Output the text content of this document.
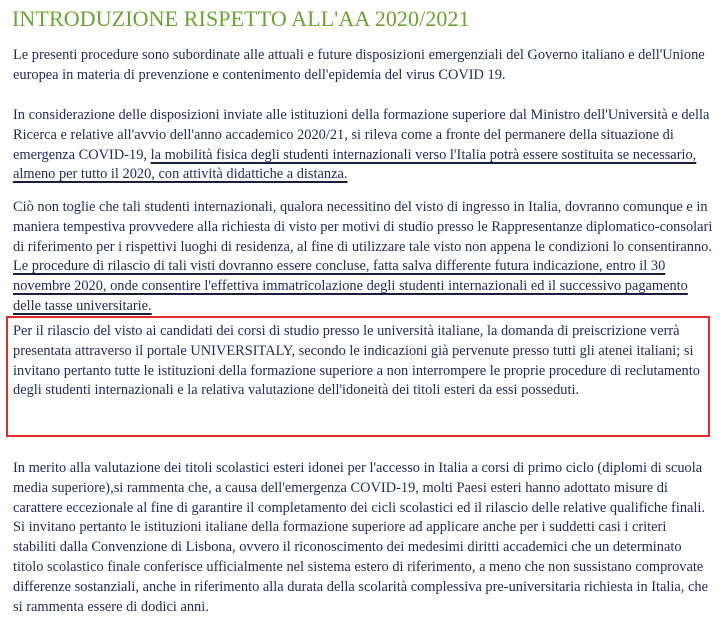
INTRODUZIONE RISPETTO ALL'AA 2020/2021

Le presenti procedure sono subordinate alle attuali e future disposizioni emergenziali del Governo italiano e dell'Unione europea in materia di prevenzione e contenimento dell'epidemia del virus COVID 19.

In considerazione delle disposizioni inviate alle istituzioni della formazione superiore dal Ministro dell'Università e della Ricerca e relative all'avvio dell'anno accademico 2020/21, si rileva come a fronte del permanere della situazione di emergenza COVID-19, la mobilità fisica degli studenti internazionali verso l'Italia potrà essere sostituita se necessario, almeno per tutto il 2020, con attività didattiche a distanza.

Ciò non toglie che tali studenti internazionali, qualora necessitino del visto di ingresso in Italia, dovranno comunque e in maniera tempestiva provvedere alla richiesta di visto per motivi di studio presso le Rappresentanze diplomatico-consolari di riferimento per i rispettivi luoghi di residenza, al fine di utilizzare tale visto non appena le condizioni lo consentiranno. Le procedure di rilascio di tali visti dovranno essere concluse, fatta salva differente futura indicazione, entro il 30 novembre 2020, onde consentire l'effettiva immatricolazione degli studenti internazionali ed il successivo pagamento delle tasse universitarie.

Per il rilascio del visto ai candidati dei corsi di studio presso le università italiane, la domanda di preiscrizione verrà presentata attraverso il portale UNIVERSITALY, secondo le indicazioni già pervenute presso tutti gli atenei italiani; si invitano pertanto tutte le istituzioni della formazione superiore a non interrompere le proprie procedure di reclutamento degli studenti internazionali e la relativa valutazione dell'idoneità dei titoli esteri da essi posseduti.

In merito alla valutazione dei titoli scolastici esteri idonei per l'accesso in Italia a corsi di primo ciclo (diplomi di scuola media superiore),si rammenta che, a causa dell'emergenza COVID-19, molti Paesi esteri hanno adottato misure di carattere eccezionale al fine di garantire il completamento dei cicli scolastici ed il rilascio delle relative qualifiche finali. Si invitano pertanto le istituzioni italiane della formazione superiore ad applicare anche per i suddetti casi i criteri stabiliti dalla Convenzione di Lisbona, ovvero il riconoscimento dei medesimi diritti accademici che un determinato titolo scolastico finale conferisce ufficialmente nel sistema estero di riferimento, a meno che non sussistano comprovate differenze sostanziali, anche in riferimento alla durata della scolarità complessiva pre-universitaria richiesta in Italia, che si rammenta essere di dodici anni.
